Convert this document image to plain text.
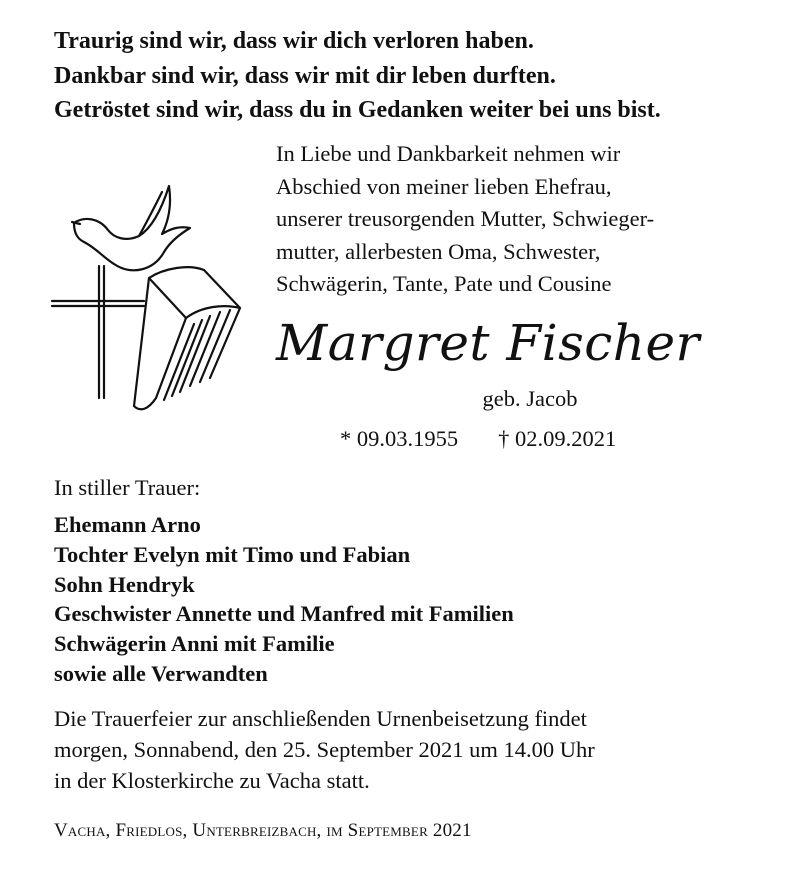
Traurig sind wir, dass wir dich verloren haben.
Dankbar sind wir, dass wir mit dir leben durften.
Getröstet sind wir, dass du in Gedanken weiter bei uns bist.
In Liebe und Dankbarkeit nehmen wir
Abschied von meiner lieben Ehefrau,
unserer treusorgenden Mutter, Schwieger-
mutter, allerbesten Oma, Schwester,
Schwägerin, Tante, Pate und Cousine
Margret Fischer
geb. Jacob
* 09.03.1955 † 02.09.2021
In stiller Trauer:
Ehemann Arno
Tochter Evelyn mit Timo und Fabian
Sohn Hendryk
Geschwister Annette und Manfred mit Familien
Schwägerin Anni mit Familie
sowie alle Verwandten
Die Trauerfeier zur anschließenden Urnenbeisetzung findet
morgen, Sonnabend, den 25. September 2021 um 14.00 Uhr
in der Klosterkirche zu Vacha statt.
Vacha, Friedlos, Unterbreizbach, im September 2021
